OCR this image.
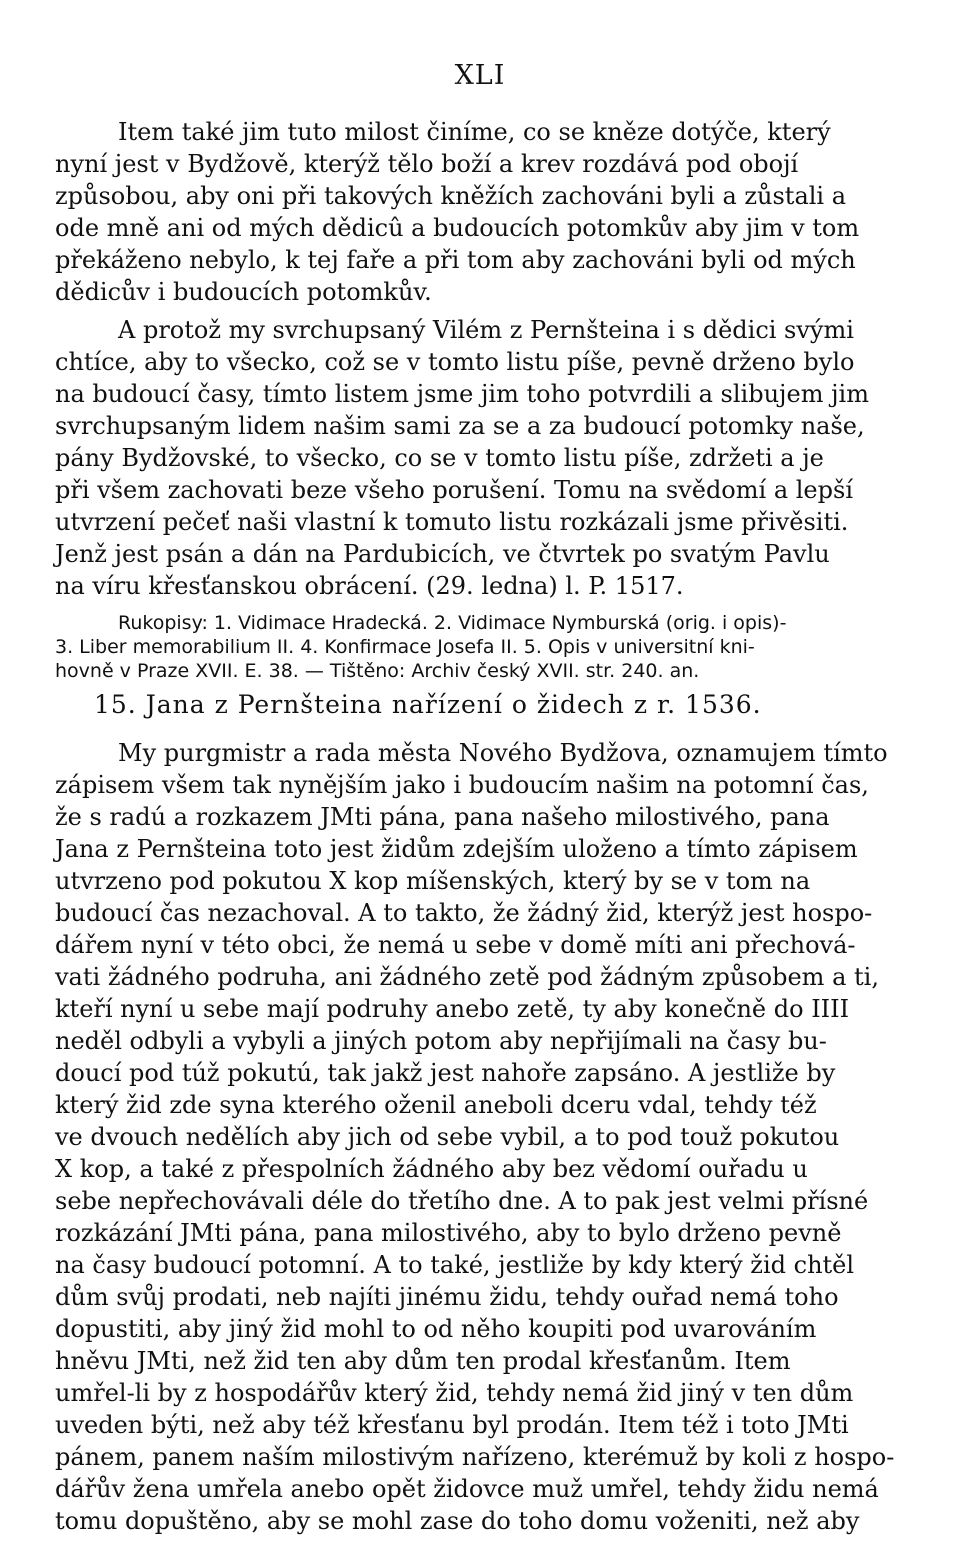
XLI
Item také jim tuto milost činíme, co se kněze dotýče, který
nyní jest v Bydžově, kterýž tělo boží a krev rozdává pod obojí
způsobou, aby oni při takových kněžích zachováni byli a zůstali a
ode mně ani od mých dědicû a budoucích potomkův aby jim v tom
překáženo nebylo, k tej faře a při tom aby zachováni byli od mých
dědicův i budoucích potomkův.
A protož my svrchupsaný Vilém z Pernšteina i s dědici svými
chtíce, aby to všecko, což se v tomto listu píše, pevně drženo bylo
na budoucí časy, tímto listem jsme jim toho potvrdili a slibujem jim
svrchupsaným lidem našim sami za se a za budoucí potomky naše,
pány Bydžovské, to všecko, co se v tomto listu píše, zdržeti a je
při všem zachovati beze všeho porušení. Tomu na svědomí a lepší
utvrzení pečeť naši vlastní k tomuto listu rozkázali jsme přivěsiti.
Jenž jest psán a dán na Pardubicích, ve čtvrtek po svatým Pavlu
na víru křesťanskou obrácení. (29. ledna) l. P. 1517.
Rukopisy: 1. Vidimace Hradecká. 2. Vidimace Nymburská (orig. i opis)-
3. Liber memorabilium II. 4. Konfirmace Josefa II. 5. Opis v universitní kni-
hovně v Praze XVII. E. 38. — Tištěno: Archiv český XVII. str. 240. an.
15. Jana z Pernšteina nařízení o židech z r. 1536.
My purgmistr a rada města Nového Bydžova, oznamujem tímto
zápisem všem tak nynějším jako i budoucím našim na potomní čas,
že s radú a rozkazem JMti pána, pana našeho milostivého, pana
Jana z Pernšteina toto jest židům zdejším uloženo a tímto zápisem
utvrzeno pod pokutou X kop míšenských, který by se v tom na
budoucí čas nezachoval. A to takto, že žádný žid, kterýž jest hospo-
dářem nyní v této obci, že nemá u sebe v domě míti ani přechová-
vati žádného podruha, ani žádného zetě pod žádným způsobem a ti,
kteří nyní u sebe mají podruhy anebo zetě, ty aby konečně do IIII
neděl odbyli a vybyli a jiných potom aby nepřijímali na časy bu-
doucí pod túž pokutú, tak jakž jest nahoře zapsáno. A jestliže by
který žid zde syna kterého oženil aneboli dceru vdal, tehdy též
ve dvouch nedělích aby jich od sebe vybil, a to pod touž pokutou
X kop, a také z přespolních žádného aby bez vědomí ouřadu u
sebe nepřechovávali déle do třetího dne. A to pak jest velmi přísné
rozkázání JMti pána, pana milostivého, aby to bylo drženo pevně
na časy budoucí potomní. A to také, jestliže by kdy který žid chtěl
dům svůj prodati, neb najíti jinému židu, tehdy ouřad nemá toho
dopustiti, aby jiný žid mohl to od něho koupiti pod uvarováním
hněvu JMti, než žid ten aby dům ten prodal křesťanům. Item
umřel-li by z hospodářův který žid, tehdy nemá žid jiný v ten dům
uveden býti, než aby též křesťanu byl prodán. Item též i toto JMti
pánem, panem naším milostivým nařízeno, kterémuž by koli z hospo-
dářův žena umřela anebo opět židovce muž umřel, tehdy židu nemá
tomu dopuštěno, aby se mohl zase do toho domu voženiti, než aby
